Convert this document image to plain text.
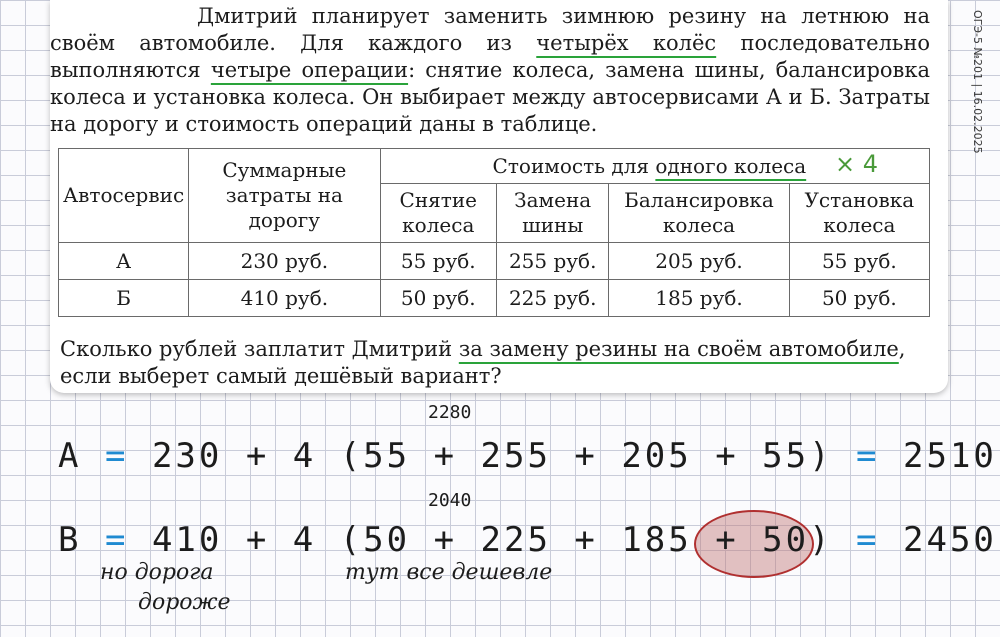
Дмитрий планирует заменить зимнюю резину на летнюю на своём автомобиле. Для каждого из четырёх колёс последовательно выполняются четыре операции: снятие колеса, замена шины, балансировка колеса и установка колеса. Он выбирает между автосервисами А и Б. Затраты на дорогу и стоимость операций даны в таблице.

Автосервис	Суммарные затраты на дорогу	Стоимость для одного колеса			
		Снятие колеса	Замена шины	Балансировка колеса	Установка колеса
А	230 руб.	55 руб.	255 руб.	205 руб.	55 руб.
Б	410 руб.	50 руб.	225 руб.	185 руб.	50 руб.
× 4

Сколько рублей заплатит Дмитрий за замену резины на своём автомобиле, если выберет самый дешёвый вариант?

ОГЭ-5 №201 | 16.02.2025
2280
А = 230 + 4 (55 + 255 + 205 + 55) = 2510
2040
В = 410 + 4 (50 + 225 + 185 + 50) = 2450
но дорога
дороже
тут все дешевле
